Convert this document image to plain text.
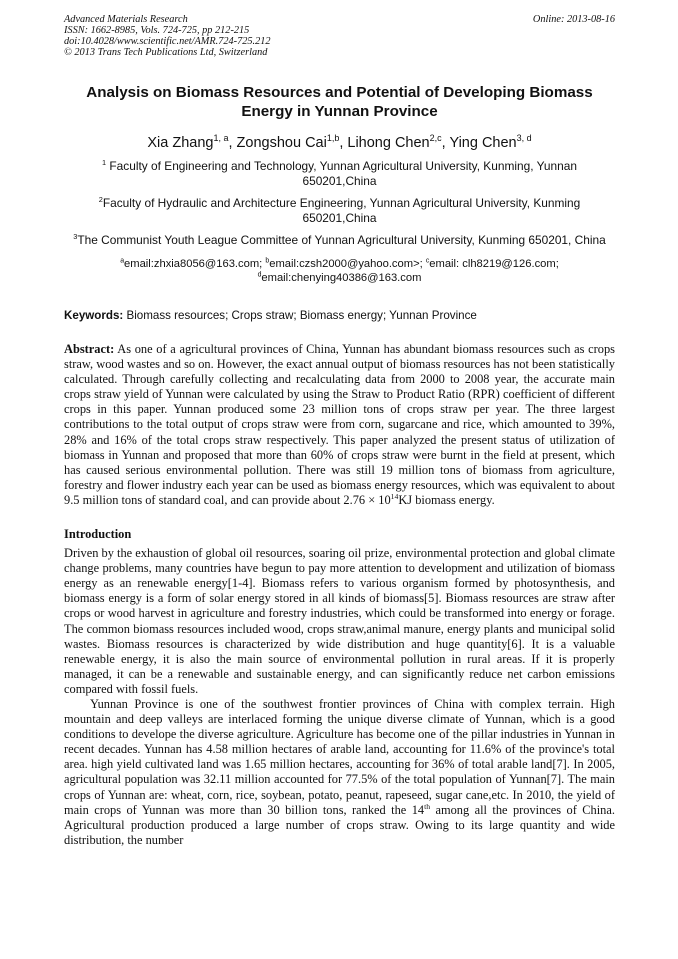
Advanced Materials Research
ISSN: 1662-8985, Vols. 724-725, pp 212-215
doi:10.4028/www.scientific.net/AMR.724-725.212
© 2013 Trans Tech Publications Ltd, Switzerland
Online: 2013-08-16
Analysis on Biomass Resources and Potential of Developing Biomass Energy in Yunnan Province
Xia Zhang$^{1, a}$, Zongshou Cai$^{1,b}$, Lihong Chen$^{2,c}$, Ying Chen$^{3, d}$
$^1$ Faculty of Engineering and Technology, Yunnan Agricultural University, Kunming, Yunnan 650201,China
$^2$Faculty of Hydraulic and Architecture Engineering, Yunnan Agricultural University, Kunming 650201,China
$^3$The Communist Youth League Committee of Yunnan Agricultural University, Kunming 650201, China
$^a$email:zhxia8056@163.com; $^b$email:czsh2000@yahoo.com>; $^c$email: clh8219@126.com;
$^d$email:chenying40386@163.com
Keywords: Biomass resources; Crops straw; Biomass energy; Yunnan Province
Abstract: As one of a agricultural provinces of China, Yunnan has abundant biomass resources such as crops straw, wood wastes and so on. However, the exact annual output of biomass resources has not been statistically calculated. Through carefully collecting and recalculating data from 2000 to 2008 year, the accurate main crops straw yield of Yunnan were calculated by using the Straw to Product Ratio (RPR) coefficient of different crops in this paper. Yunnan produced some 23 million tons of crops straw per year. The three largest contributions to the total output of crops straw were from corn, sugarcane and rice, which amounted to 39%, 28% and 16% of the total crops straw respectively. This paper analyzed the present status of utilization of biomass in Yunnan and proposed that more than 60% of crops straw were burnt in the field at present, which has caused serious environmental pollution. There was still 19 million tons of biomass from agriculture, forestry and flower industry each year can be used as biomass energy resources, which was equivalent to about 9.5 million tons of standard coal, and can provide about $2.76 \times 10^{14}KJ$ biomass energy.
Introduction

Driven by the exhaustion of global oil resources, soaring oil prize, environmental protection and global climate change problems, many countries have begun to pay more attention to development and utilization of biomass energy as an renewable energy[1-4]. Biomass refers to various organism formed by photosynthesis, and biomass energy is a form of solar energy stored in all kinds of biomass[5]. Biomass resources are straw after crops or wood harvest in agriculture and forestry industries, which could be transformed into energy or forage. The common biomass resources included wood, crops straw,animal manure, energy plants and municipal solid wastes. Biomass resources is characterized by wide distribution and huge quantity[6]. It is a valuable renewable energy, it is also the main source of environmental pollution in rural areas. If it is properly managed, it can be a renewable and sustainable energy, and can significantly reduce net carbon emissions compared with fossil fuels.

Yunnan Province is one of the southwest frontier provinces of China with complex terrain. High mountain and deep valleys are interlaced forming the unique diverse climate of Yunnan, which is a good conditions to develope the diverse agriculture. Agriculture has become one of the pillar industries in Yunnan in recent decades. Yunnan has 4.58 million hectares of arable land, accounting for 11.6% of the province's total area. high yield cultivated land was 1.65 million hectares, accounting for 36% of total arable land[7]. In 2005, agricultural population was 32.11 million accounted for 77.5% of the total population of Yunnan[7]. The main crops of Yunnan are: wheat, corn, rice, soybean, potato, peanut, rapeseed, sugar cane,etc. In 2010, the yield of main crops of Yunnan was more than 30 billion tons, ranked the 14th among all the provinces of China. Agricultural production produced a large number of crops straw. Owing to its large quantity and wide distribution, the number
